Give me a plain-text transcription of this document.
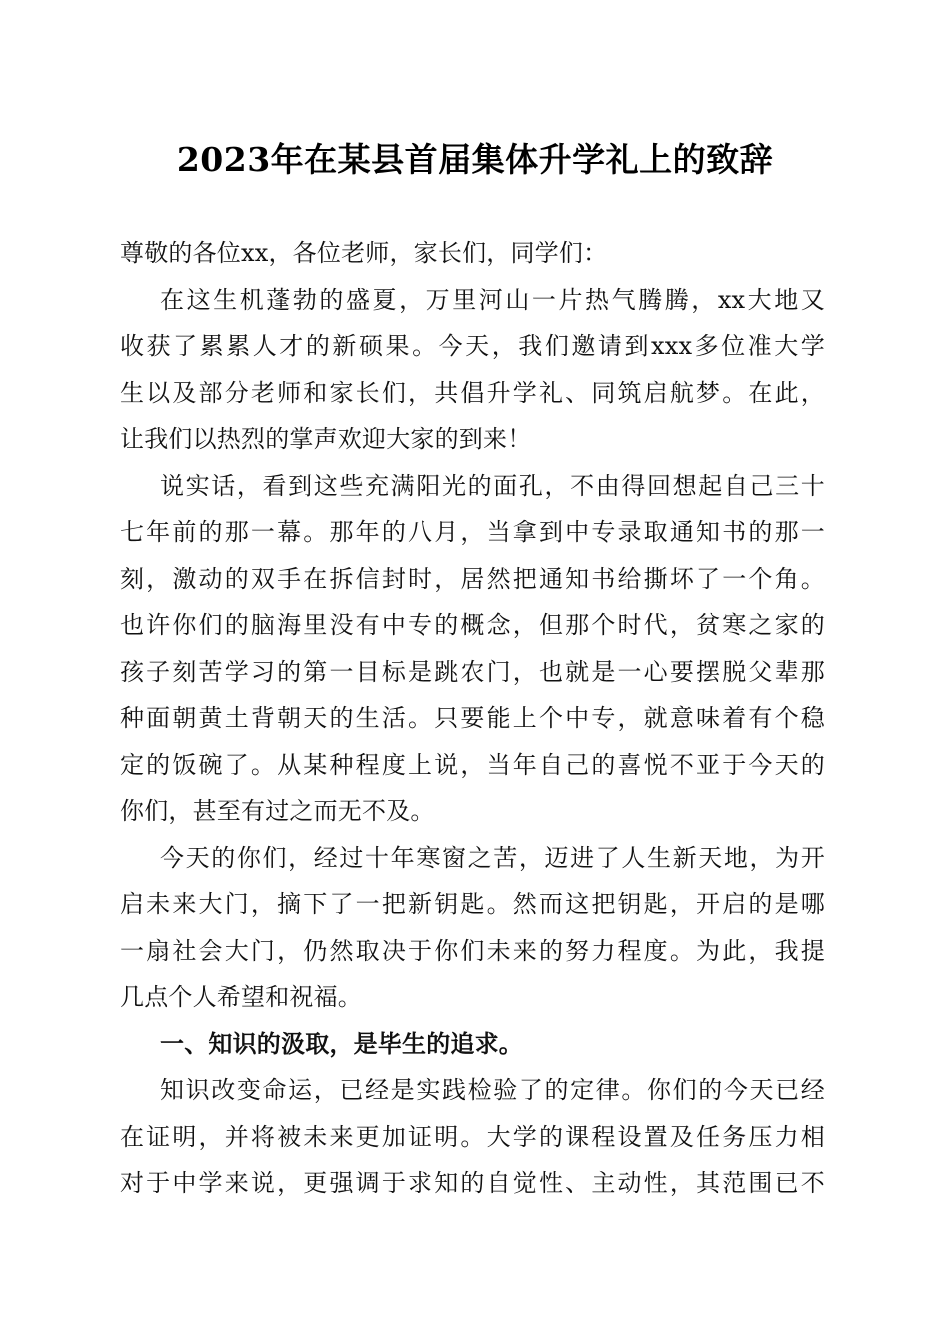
2023年在某县首届集体升学礼上的致辞
尊敬的各位xx，各位老师，家长们，同学们：
在这生机蓬勃的盛夏，万里河山一片热气腾腾，xx大地又
收获了累累人才的新硕果。今天，我们邀请到xxx多位准大学
生以及部分老师和家长们，共倡升学礼、同筑启航梦。在此，
让我们以热烈的掌声欢迎大家的到来！
说实话，看到这些充满阳光的面孔，不由得回想起自己三十
七年前的那一幕。那年的八月，当拿到中专录取通知书的那一
刻，激动的双手在拆信封时，居然把通知书给撕坏了一个角。
也许你们的脑海里没有中专的概念，但那个时代，贫寒之家的
孩子刻苦学习的第一目标是跳农门，也就是一心要摆脱父辈那
种面朝黄土背朝天的生活。只要能上个中专，就意味着有个稳
定的饭碗了。从某种程度上说，当年自己的喜悦不亚于今天的
你们，甚至有过之而无不及。
今天的你们，经过十年寒窗之苦，迈进了人生新天地，为开
启未来大门，摘下了一把新钥匙。然而这把钥匙，开启的是哪
一扇社会大门，仍然取决于你们未来的努力程度。为此，我提
几点个人希望和祝福。
一、知识的汲取，是毕生的追求。
知识改变命运，已经是实践检验了的定律。你们的今天已经
在证明，并将被未来更加证明。大学的课程设置及任务压力相
对于中学来说，更强调于求知的自觉性、主动性，其范围已不
